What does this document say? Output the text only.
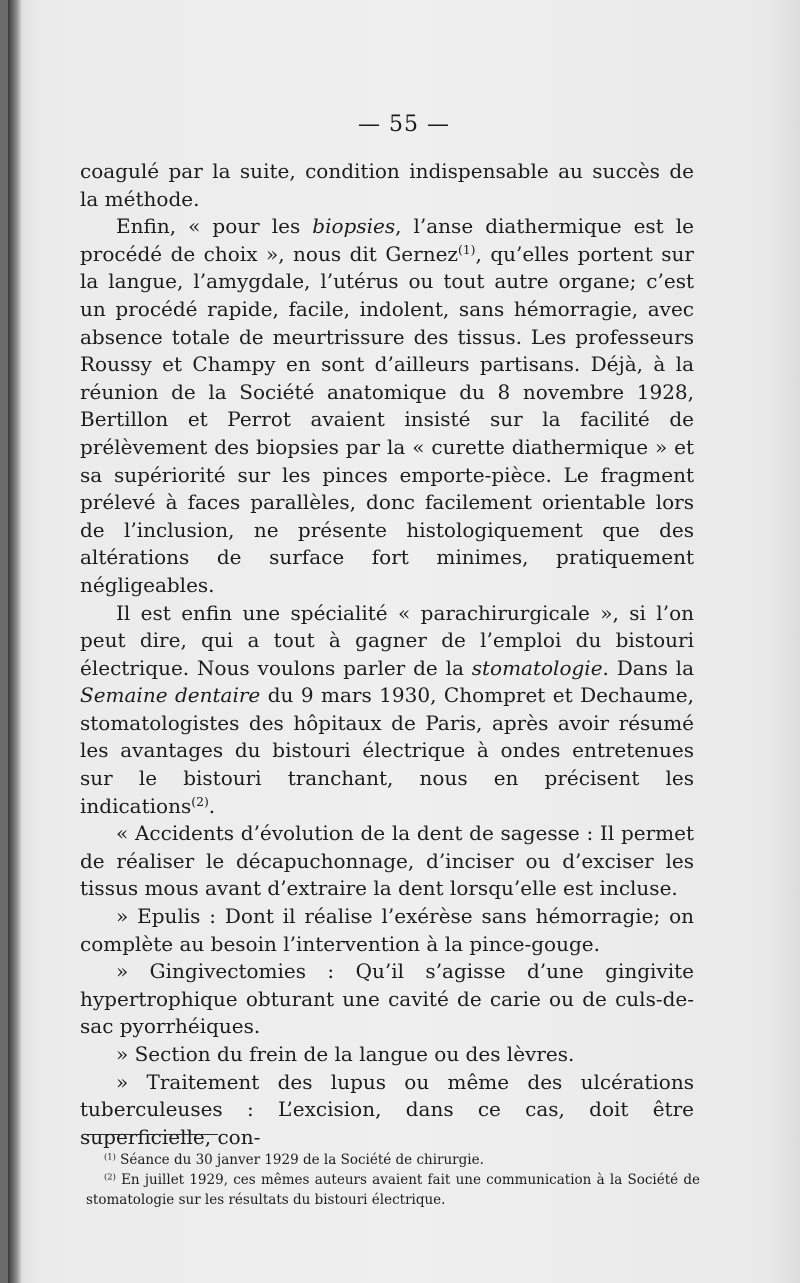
— 55 —

coagulé par la suite, condition indispensable au succès de la méthode.

Enfin, « pour les biopsies, l’anse diathermique est le procédé de choix », nous dit Gernez$^{(1)}$, qu’elles portent sur la langue, l’amygdale, l’utérus ou tout autre organe; c’est un procédé rapide, facile, indolent, sans hémorragie, avec absence totale de meurtrissure des tissus. Les professeurs Roussy et Champy en sont d’ailleurs partisans. Déjà, à la réunion de la Société anatomique du 8 novembre 1928, Bertillon et Perrot avaient insisté sur la facilité de prélèvement des biopsies par la « curette diathermique » et sa supériorité sur les pinces emporte-pièce. Le fragment prélevé à faces parallèles, donc facilement orientable lors de l’inclusion, ne présente histologiquement que des altérations de surface fort minimes, pratiquement négligeables.

Il est enfin une spécialité « parachirurgicale », si l’on peut dire, qui a tout à gagner de l’emploi du bistouri électrique. Nous voulons parler de la stomatologie. Dans la Semaine dentaire du 9 mars 1930, Chompret et Dechaume, stomatologistes des hôpitaux de Paris, après avoir résumé les avantages du bistouri électrique à ondes entretenues sur le bistouri tranchant, nous en précisent les indications$^{(2)}$.

« Accidents d’évolution de la dent de sagesse : Il permet de réaliser le décapuchonnage, d’inciser ou d’exciser les tissus mous avant d’extraire la dent lorsqu’elle est incluse.

» Epulis : Dont il réalise l’exérèse sans hémorragie; on complète au besoin l’intervention à la pince-gouge.

» Gingivectomies : Qu’il s’agisse d’une gingivite hypertrophique obturant une cavité de carie ou de culs-de-sac pyorrhéiques.

» Section du frein de la langue ou des lèvres.

» Traitement des lupus ou même des ulcérations tuberculeuses : L’excision, dans ce cas, doit être superficielle, con-

$^{(1)}$ Séance du 30 janver 1929 de la Société de chirurgie.

$^{(2)}$ En juillet 1929, ces mêmes auteurs avaient fait une communication à la Société de stomatologie sur les résultats du bistouri électrique.
